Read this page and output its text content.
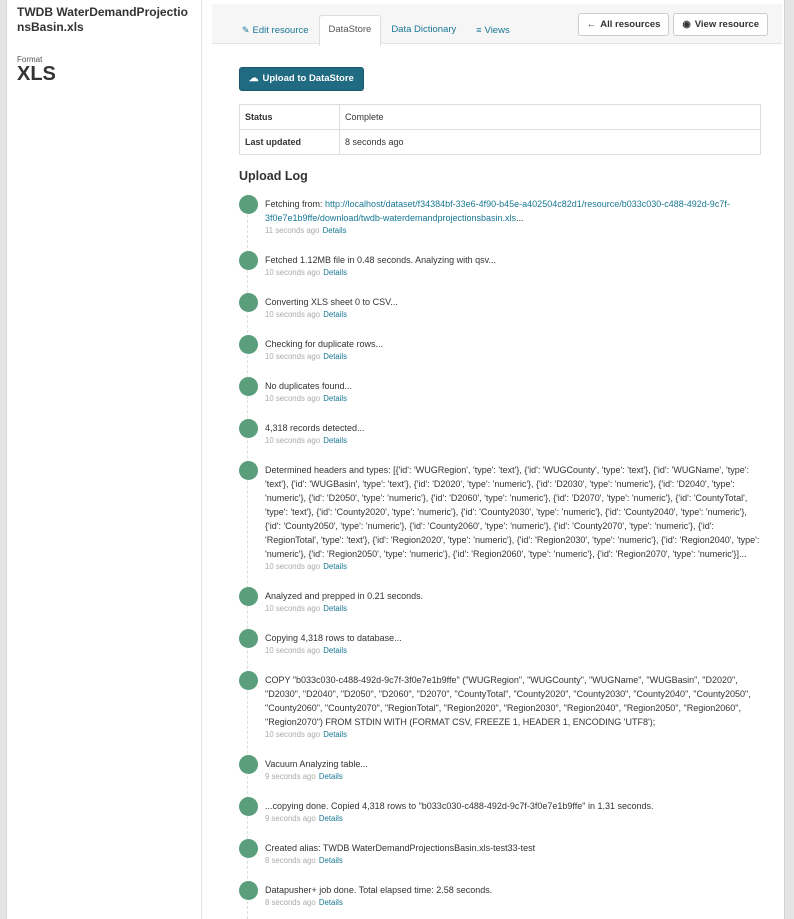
TWDB WaterDemandProjectionsBasin.xls
Format
XLS
✎ Edit resource	DataStore	Data Dictionary	≡ Views
← All resources	◉ View resource
☁ Upload to DataStore
Status	Complete
Last updated	8 seconds ago
Upload Log
Fetching from: http://localhost/dataset/f34384bf-33e6-4f90-b45e-a402504c82d1/resource/b033c030-c488-492d-9c7f-3f0e7e1b9ffe/download/twdb-waterdemandprojectionsbasin.xls...
11 seconds ago Details
Fetched 1.12MB file in 0.48 seconds. Analyzing with qsv...
10 seconds ago Details
Converting XLS sheet 0 to CSV...
10 seconds ago Details
Checking for duplicate rows...
10 seconds ago Details
No duplicates found...
10 seconds ago Details
4,318 records detected...
10 seconds ago Details
Determined headers and types: [{'id': 'WUGRegion', 'type': 'text'}, {'id': 'WUGCounty', 'type': 'text'}, {'id': 'WUGName', 'type': 'text'}, {'id': 'WUGBasin', 'type': 'text'}, {'id': 'D2020', 'type': 'numeric'}, {'id': 'D2030', 'type': 'numeric'}, {'id': 'D2040', 'type': 'numeric'}, {'id': 'D2050', 'type': 'numeric'}, {'id': 'D2060', 'type': 'numeric'}, {'id': 'D2070', 'type': 'numeric'}, {'id': 'CountyTotal', 'type': 'text'}, {'id': 'County2020', 'type': 'numeric'}, {'id': 'County2030', 'type': 'numeric'}, {'id': 'County2040', 'type': 'numeric'}, {'id': 'County2050', 'type': 'numeric'}, {'id': 'County2060', 'type': 'numeric'}, {'id': 'County2070', 'type': 'numeric'}, {'id': 'RegionTotal', 'type': 'text'}, {'id': 'Region2020', 'type': 'numeric'}, {'id': 'Region2030', 'type': 'numeric'}, {'id': 'Region2040', 'type': 'numeric'}, {'id': 'Region2050', 'type': 'numeric'}, {'id': 'Region2060', 'type': 'numeric'}, {'id': 'Region2070', 'type': 'numeric'}]...
10 seconds ago Details
Analyzed and prepped in 0.21 seconds.
10 seconds ago Details
Copying 4,318 rows to database...
10 seconds ago Details
COPY "b033c030-c488-492d-9c7f-3f0e7e1b9ffe" ("WUGRegion", "WUGCounty", "WUGName", "WUGBasin", "D2020", "D2030", "D2040", "D2050", "D2060", "D2070", "CountyTotal", "County2020", "County2030", "County2040", "County2050", "County2060", "County2070", "RegionTotal", "Region2020", "Region2030", "Region2040", "Region2050", "Region2060", "Region2070") FROM STDIN WITH (FORMAT CSV, FREEZE 1, HEADER 1, ENCODING 'UTF8');
10 seconds ago Details
Vacuum Analyzing table...
9 seconds ago Details
...copying done. Copied 4,318 rows to "b033c030-c488-492d-9c7f-3f0e7e1b9ffe" in 1.31 seconds.
9 seconds ago Details
Created alias: TWDB WaterDemandProjectionsBasin.xls-test33-test
8 seconds ago Details
Datapusher+ job done. Total elapsed time: 2.58 seconds.
8 seconds ago Details
